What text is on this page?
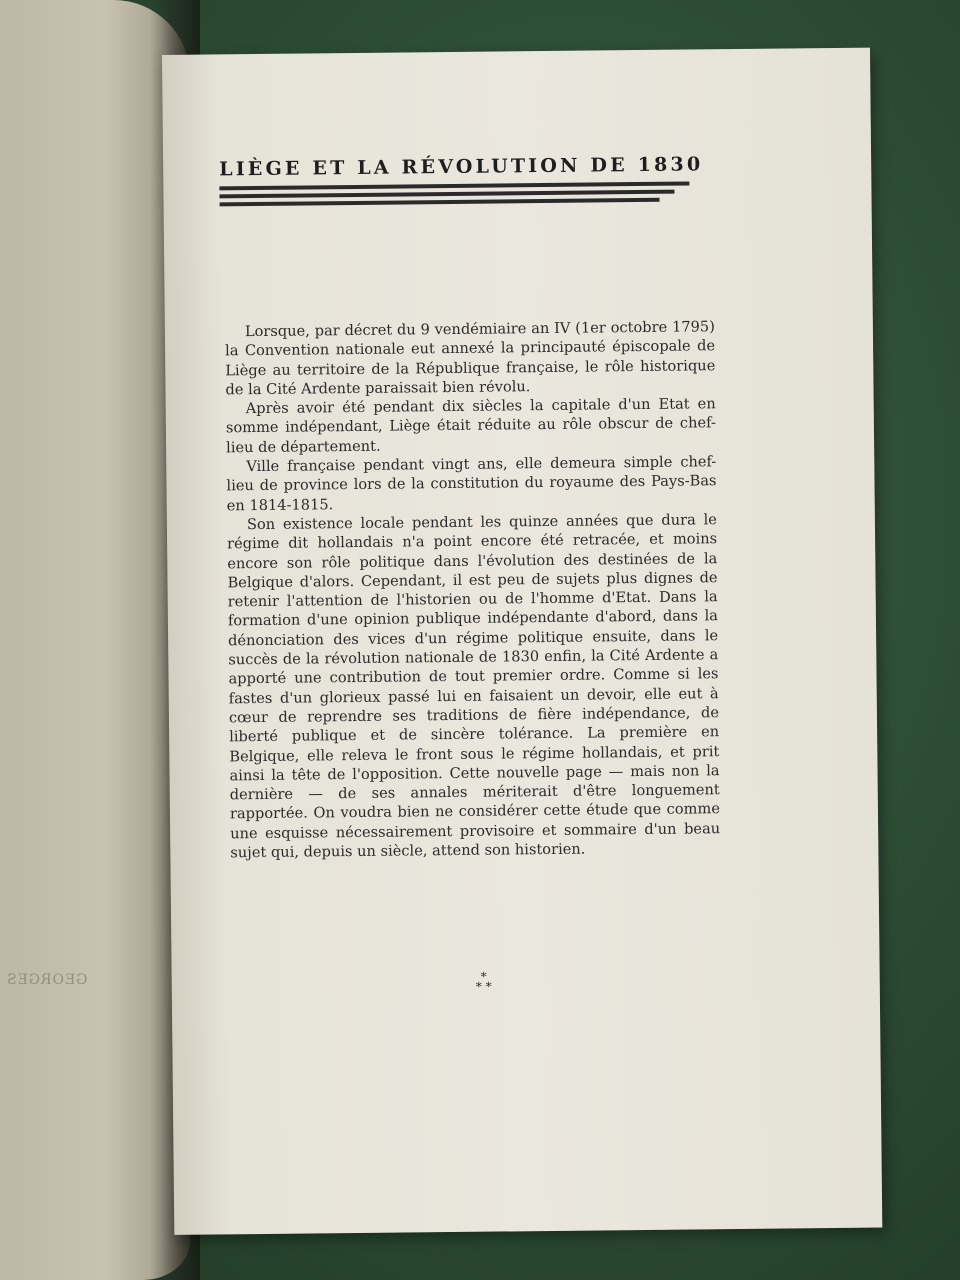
GEORGES
LIÈGE ET LA RÉVOLUTION DE 1830

Lorsque, par décret du 9 vendémiaire an IV (1er octobre 1795) la Convention nationale eut annexé la principauté épiscopale de Liège au territoire de la République française, le rôle historique de la Cité Ardente paraissait bien révolu.

Après avoir été pendant dix siècles la capitale d'un Etat en somme indépendant, Liège était réduite au rôle obscur de chef-lieu de département.

Ville française pendant vingt ans, elle demeura simple chef-lieu de province lors de la constitution du royaume des Pays-Bas en 1814-1815.

Son existence locale pendant les quinze années que dura le régime dit hollandais n'a point encore été retracée, et moins encore son rôle politique dans l'évolution des destinées de la Belgique d'alors. Cependant, il est peu de sujets plus dignes de retenir l'attention de l'historien ou de l'homme d'Etat. Dans la formation d'une opinion publique indépendante d'abord, dans la dénonciation des vices d'un régime politique ensuite, dans le succès de la révolution nationale de 1830 enfin, la Cité Ardente a apporté une contribution de tout premier ordre. Comme si les fastes d'un glorieux passé lui en faisaient un devoir, elle eut à cœur de reprendre ses traditions de fière indépendance, de liberté publique et de sincère tolérance. La première en Belgique, elle releva le front sous le régime hollandais, et prit ainsi la tête de l'opposition. Cette nouvelle page — mais non la dernière — de ses annales mériterait d'être longuement rapportée. On voudra bien ne considérer cette étude que comme une esquisse nécessairement provisoire et sommaire d'un beau sujet qui, depuis un siècle, attend son historien.

*
* *
